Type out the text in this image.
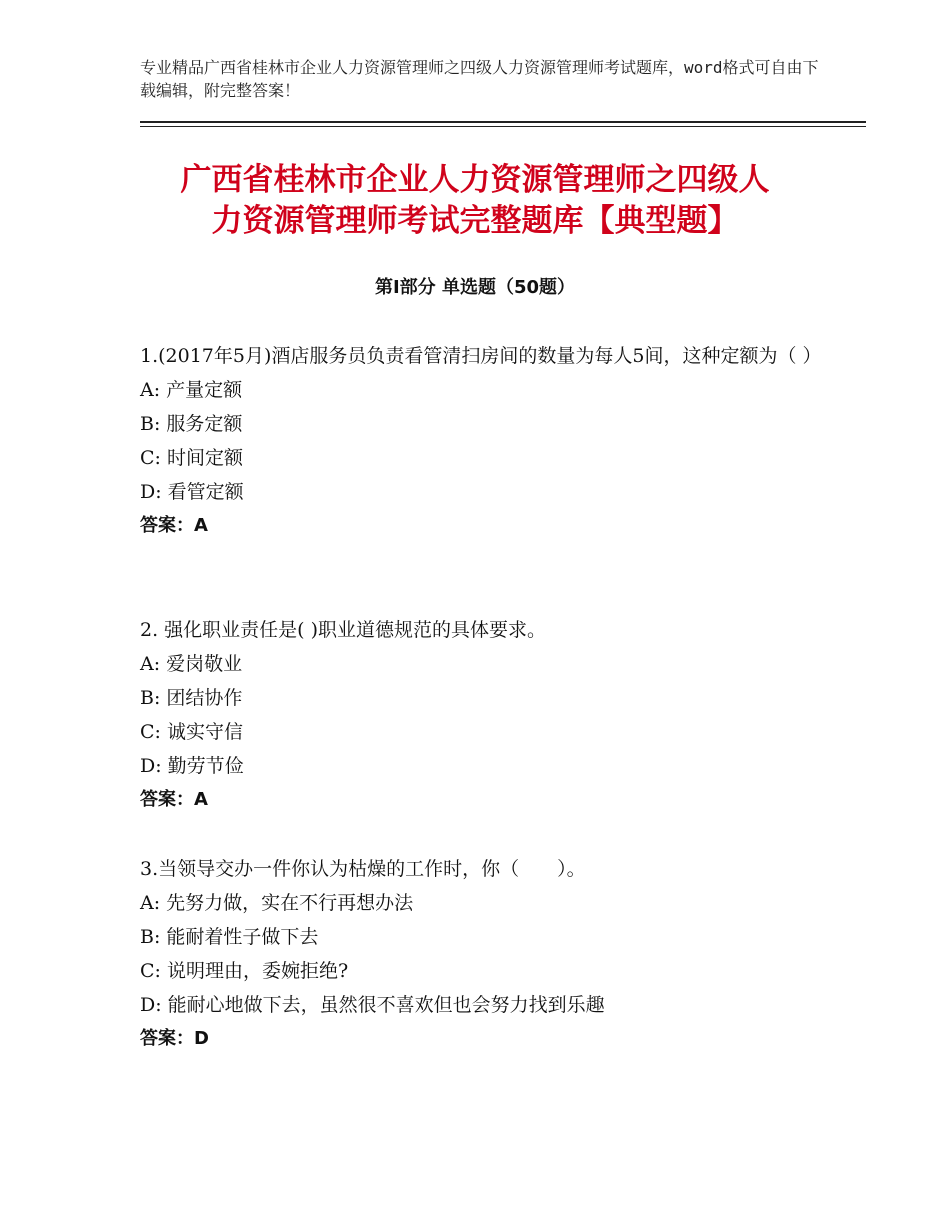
专业精品广西省桂林市企业人力资源管理师之四级人力资源管理师考试题库，word格式可自由下载编辑，附完整答案！
广西省桂林市企业人力资源管理师之四级人
力资源管理师考试完整题库【典型题】
第Ⅰ部分 单选题（50题）
1.(2017年5月)酒店服务员负责看管清扫房间的数量为每人5间，这种定额为（ ）
A: 产量定额
B: 服务定额
C: 时间定额
D: 看管定额
答案：A
2. 强化职业责任是( )职业道德规范的具体要求。
A: 爱岗敬业
B: 团结协作
C: 诚实守信
D: 勤劳节俭
答案：A
3.当领导交办一件你认为枯燥的工作时，你（　　）。
A: 先努力做，实在不行再想办法
B: 能耐着性子做下去
C: 说明理由，委婉拒绝?
D: 能耐心地做下去，虽然很不喜欢但也会努力找到乐趣
答案：D
